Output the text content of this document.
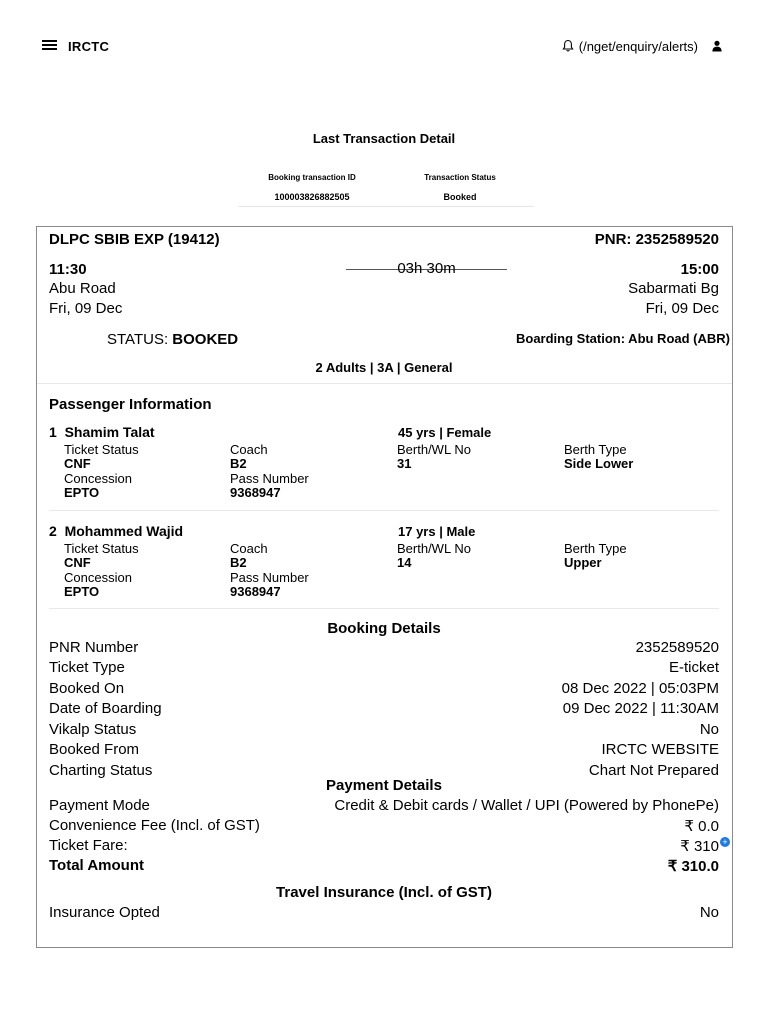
IRCTC	(/nget/enquiry/alerts)
Last Transaction Detail
Booking transaction ID	Transaction Status
100003826882505	Booked
DLPC SBIB EXP (19412)	PNR: 2352589520
11:30	03h 30m	15:00
Abu Road	Sabarmati Bg
Fri, 09 Dec	Fri, 09 Dec
STATUS: BOOKED	Boarding Station: Abu Road (ABR)
2 Adults | 3A | General
Passenger Information
1 Shamim Talat	45 yrs | Female
Ticket Status	Coach	Berth/WL No	Berth Type
CNF	B2	31	Side Lower
Concession	Pass Number
EPTO	9368947
2 Mohammed Wajid	17 yrs | Male
Ticket Status	Coach	Berth/WL No	Berth Type
CNF	B2	14	Upper
Concession	Pass Number
EPTO	9368947
Booking Details
PNR Number	2352589520
Ticket Type	E-ticket
Booked On	08 Dec 2022 | 05:03PM
Date of Boarding	09 Dec 2022 | 11:30AM
Vikalp Status	No
Booked From	IRCTC WEBSITE
Charting Status	Chart Not Prepared
Payment Details
Payment Mode	Credit & Debit cards / Wallet / UPI (Powered by PhonePe)
Convenience Fee (Incl. of GST)	₹ 0.0
Ticket Fare:	₹ 310 +
Total Amount	₹ 310.0
Travel Insurance (Incl. of GST)
Insurance Opted	No
